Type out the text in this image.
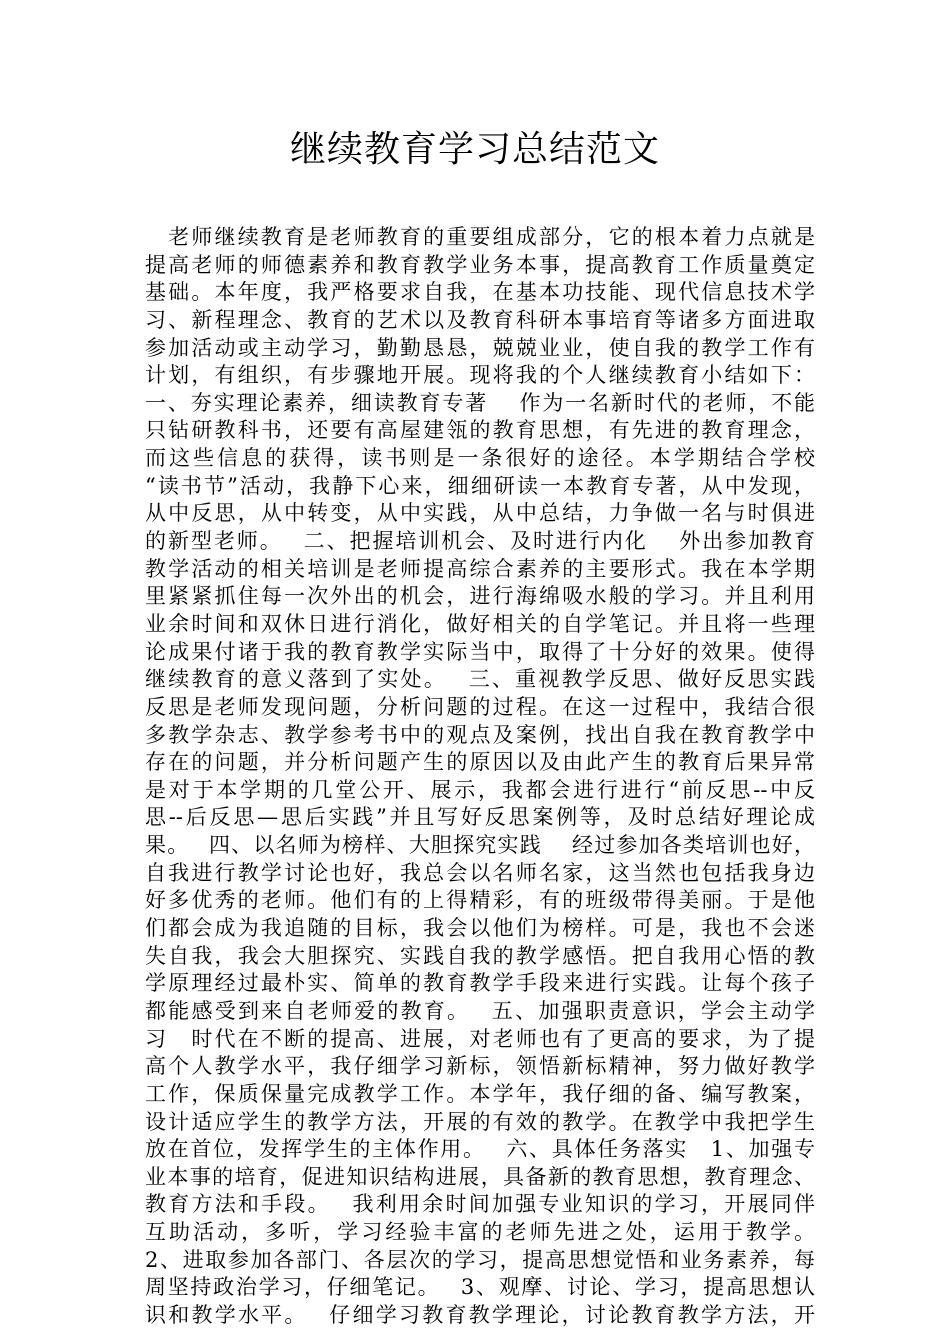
继续教育学习总结范文
　老师继续教育是老师教育的重要组成部分，它的根本着力点就是
提高老师的师德素养和教育教学业务本事，提高教育工作质量奠定
基础。本年度，我严格要求自我，在基本功技能、现代信息技术学
习、新程理念、教育的艺术以及教育科研本事培育等诸多方面进取
参加活动或主动学习，勤勤恳恳，兢兢业业，使自我的教学工作有
计划，有组织，有步骤地开展。现将我的个人继续教育小结如下：
一、夯实理论素养，细读教育专著　 作为一名新时代的老师，不能
只钻研教科书，还要有高屋建瓴的教育思想，有先进的教育理念，
而这些信息的获得，读书则是一条很好的途径。本学期结合学校
“读书节”活动，我静下心来，细细研读一本教育专著，从中发现，
从中反思，从中转变，从中实践，从中总结，力争做一名与时俱进
的新型老师。　 二、把握培训机会、及时进行内化　 外出参加教育
教学活动的相关培训是老师提高综合素养的主要形式。我在本学期
里紧紧抓住每一次外出的机会，进行海绵吸水般的学习。并且利用
业余时间和双休日进行消化，做好相关的自学笔记。并且将一些理
论成果付诸于我的教育教学实际当中，取得了十分好的效果。使得
继续教育的意义落到了实处。　 三、重视教学反思、做好反思实践
反思是老师发现问题，分析问题的过程。在这一过程中，我结合很
多教学杂志、教学参考书中的观点及案例，找出自我在教育教学中
存在的问题，并分析问题产生的原因以及由此产生的教育后果异常
是对于本学期的几堂公开、展示，我都会进行进行“前反思--中反
思--后反思—思后实践”并且写好反思案例等，及时总结好理论成
果。　 四、以名师为榜样、大胆探究实践　 经过参加各类培训也好，
自我进行教学讨论也好，我总会以名师名家，这当然也包括我身边
好多优秀的老师。他们有的上得精彩，有的班级带得美丽。于是他
们都会成为我追随的目标，我会以他们为榜样。可是，我也不会迷
失自我，我会大胆探究、实践自我的教学感悟。把自我用心悟的教
学原理经过最朴实、简单的教育教学手段来进行实践。让每个孩子
都能感受到来自老师爱的教育。　 五、加强职责意识，学会主动学
习　时代在不断的提高、进展，对老师也有了更高的要求，为了提
高个人教学水平，我仔细学习新标，领悟新标精神，努力做好教学
工作，保质保量完成教学工作。本学年，我仔细的备、编写教案，
设计适应学生的教学方法，开展的有效的教学。在教学中我把学生
放在首位，发挥学生的主体作用。　 六、具体任务落实　1、加强专
业本事的培育，促进知识结构进展，具备新的教育思想，教育理念、
教育方法和手段。　 我利用余时间加强专业知识的学习，开展同伴
互助活动，多听，学习经验丰富的老师先进之处，运用于教学。
2、进取参加各部门、各层次的学习，提高思想觉悟和业务素养，每
周坚持政治学习，仔细笔记。　 3、观摩、讨论、学习，提高思想认
识和教学水平。　 仔细学习教育教学理论，讨论教育教学方法，开
